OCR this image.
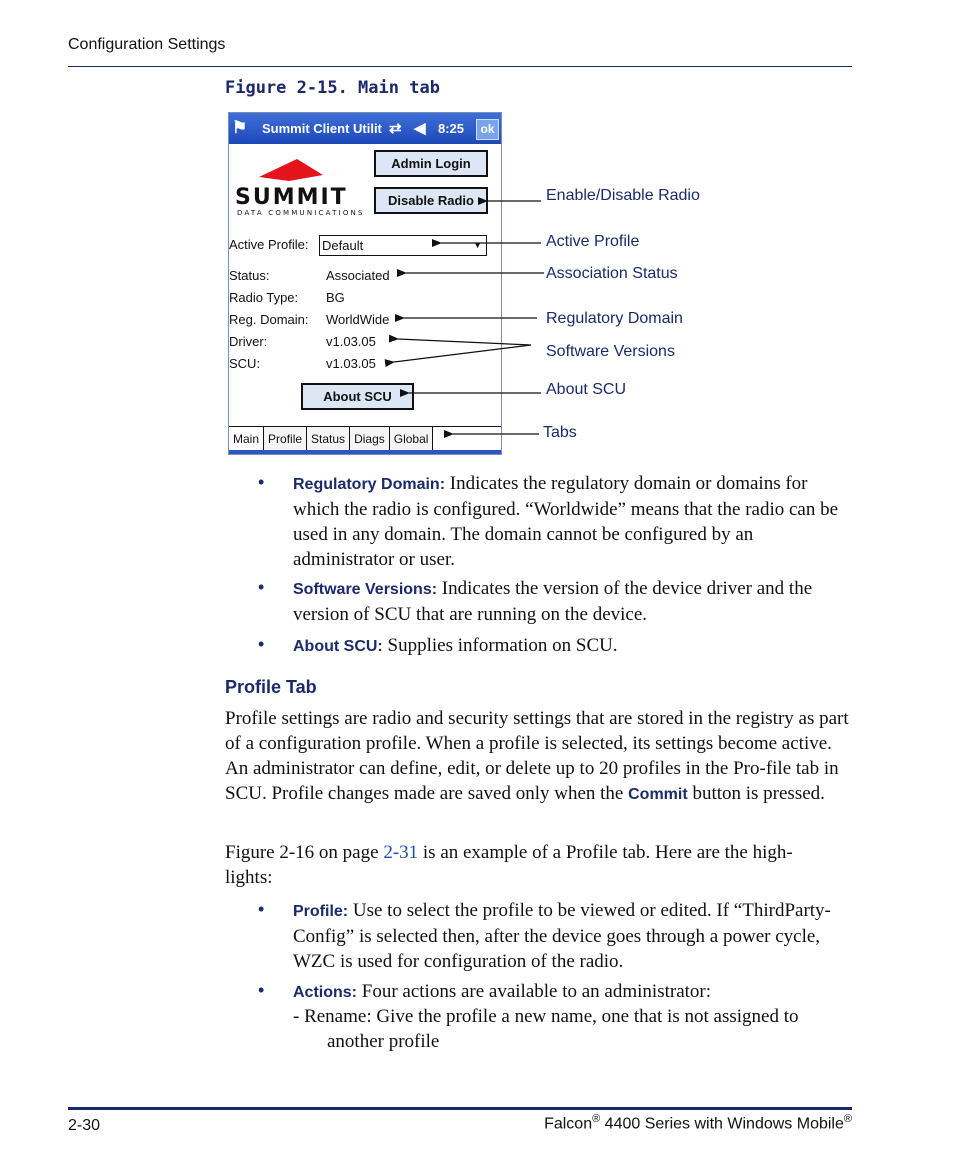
Configuration Settings
Figure 2-15. Main tab
⚑ Summit Client Utilit ⇄ ◀ 8:25	ok
SUMMIT
DATA COMMUNICATIONS
Admin Login
Disable Radio
Active Profile: Default	▼
Status:	Associated
Radio Type: BG
Reg. Domain: WorldWide
Driver:	v1.03.05
SCU:	v1.03.05
About SCU
Main Profile Status Diags Global
Enable/Disable Radio
Active Profile
Association Status
Regulatory Domain
Software Versions
About SCU
Tabs
• Regulatory Domain: Indicates the regulatory domain or domains for which the radio is configured. “Worldwide” means that the radio can be used in any domain. The domain cannot be configured by an administrator or user.
• Software Versions: Indicates the version of the device driver and the version of SCU that are running on the device.
• About SCU: Supplies information on SCU.
Profile Tab
Profile settings are radio and security settings that are stored in the registry as part of a configuration profile. When a profile is selected, its settings become active. An administrator can define, edit, or delete up to 20 profiles in the Pro-file tab in SCU. Profile changes made are saved only when the Commit button is pressed.
Figure 2-16 on page 2-31 is an example of a Profile tab. Here are the high-lights:
• Profile: Use to select the profile to be viewed or edited. If “ThirdParty-Config” is selected then, after the device goes through a power cycle, WZC is used for configuration of the radio.
• Actions: Four actions are available to an administrator:
- Rename: Give the profile a new name, one that is not assigned to
another profile
2-30	Falcon® 4400 Series with Windows Mobile®
